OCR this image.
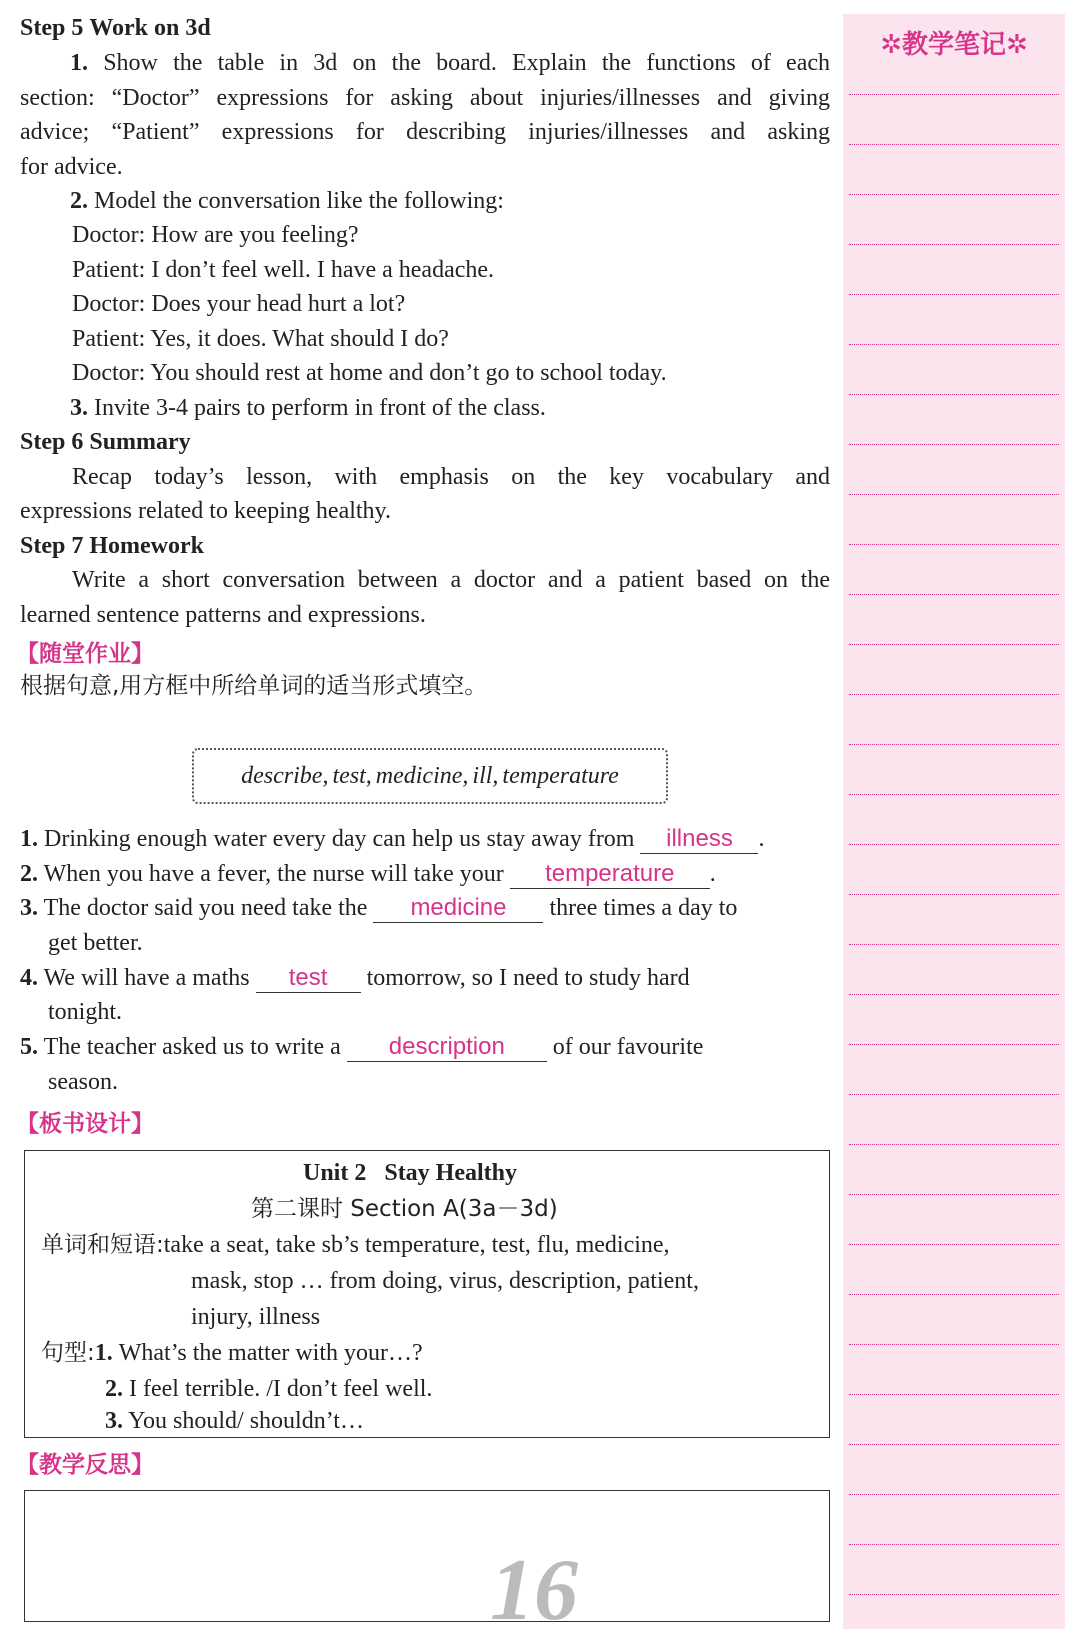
Step 5 Work on 3d
1. Show the table in 3d on the board. Explain the functions of each
section: “Doctor” expressions for asking about injuries/illnesses and giving
advice; “Patient” expressions for describing injuries/illnesses and asking
for advice.
2. Model the conversation like the following:
Doctor: How are you feeling?
Patient: I don’t feel well. I have a headache.
Doctor: Does your head hurt a lot?
Patient: Yes, it does. What should I do?
Doctor: You should rest at home and don’t go to school today.
3. Invite 3-4 pairs to perform in front of the class.
Step 6 Summary
Recap today’s lesson, with emphasis on the key vocabulary and
expressions related to keeping healthy.
Step 7 Homework
Write a short conversation between a doctor and a patient based on the
learned sentence patterns and expressions.
【随堂作业】
根据句意,用方框中所给单词的适当形式填空。
describe, test, medicine, ill, temperature
1. Drinking enough water every day can help us stay away from illness .
2. When you have a fever, the nurse will take your temperature .
3. The doctor said you need take the medicine three times a day to
get better.
4. We will have a maths test tomorrow, so I need to study hard
tonight.
5. The teacher asked us to write a description of our favourite
season.
【板书设计】
Unit 2 Stay Healthy
第二课时 Section A(3a－3d)
单词和短语:take a seat, take sb’s temperature, test, flu, medicine,
mask, stop … from doing, virus, description, patient,
injury, illness
句型:1. What’s the matter with your…?
2. I feel terrible. /I don’t feel well.
3. You should/ shouldn’t…
【教学反思】
16
✲教学笔记✲
